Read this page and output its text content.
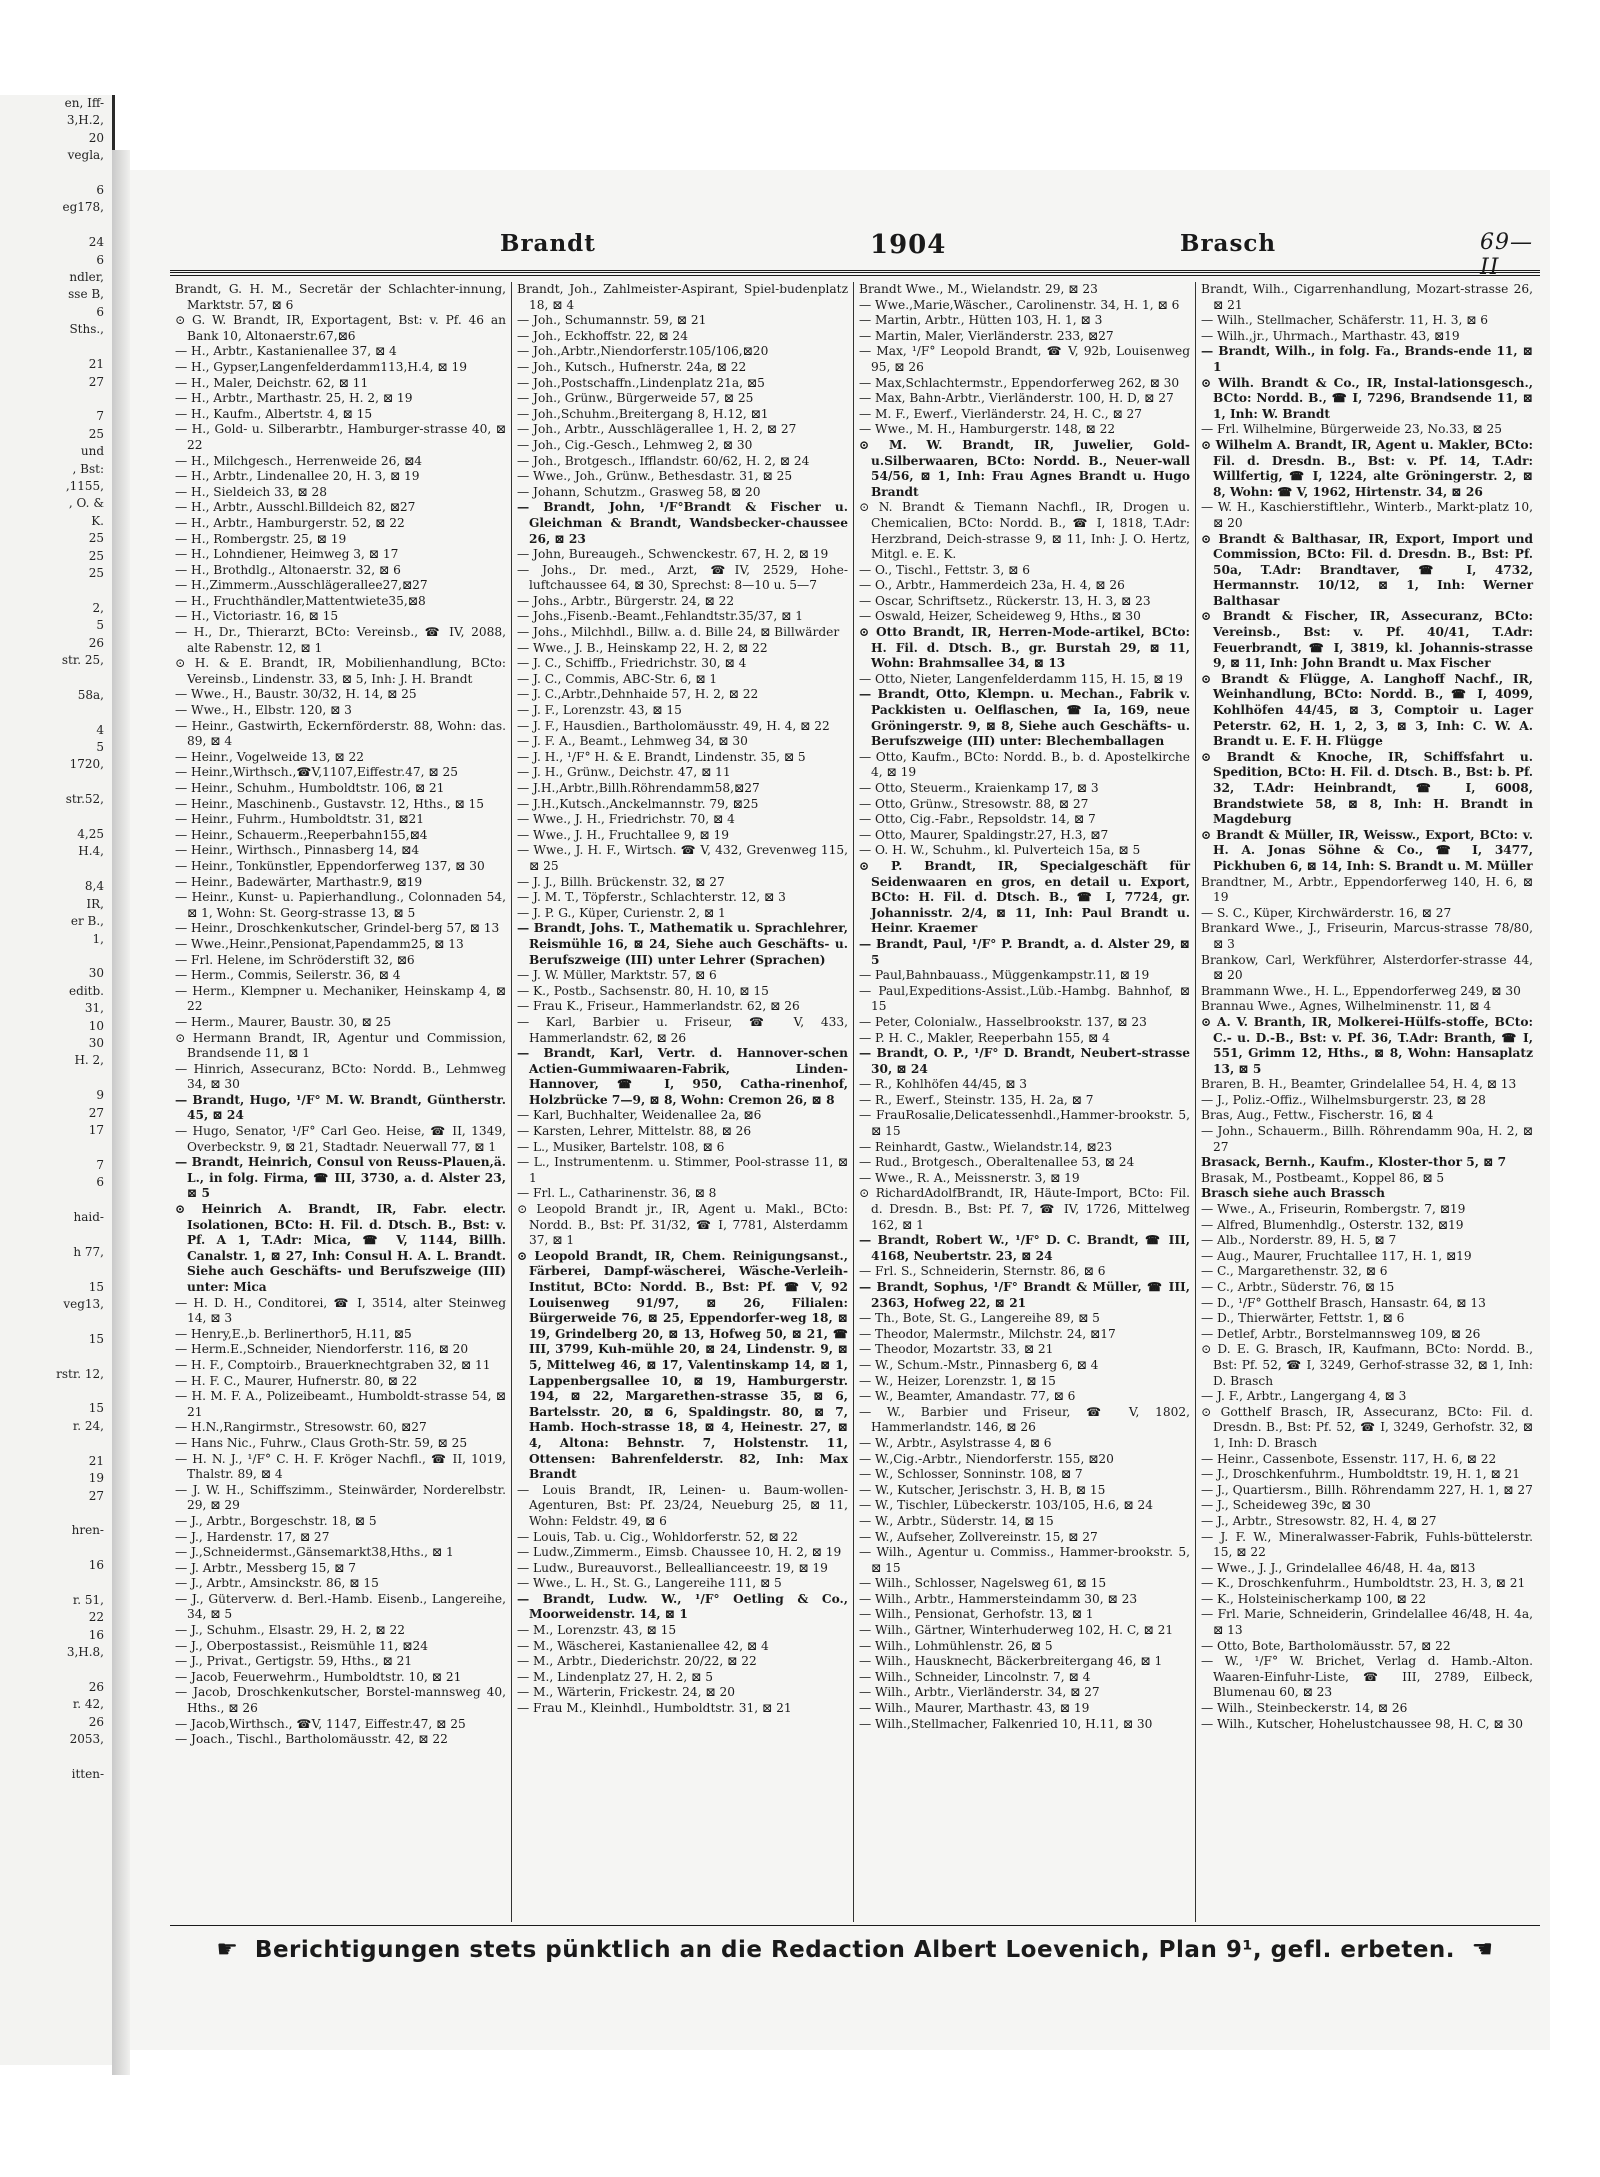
en, Iff-
3,H.2,
20
vegla,

6
eg178,

24
6
ndler,
sse B,
6
Sths.,

21
27

7
25
und
, Bst:
,1155,
, O. &
K.
25
25
25

2,
5
26
str. 25,

58a,

4
5
1720,

str.52,

4,25
H.4,

8,4
IR,
er B.,
1,

30
editb.
31,
10
30
H. 2,

9
27
17

7
6

haid-

h 77,

15
veg13,

15

rstr. 12,

15
r. 24,

21
19
27

hren-

16

r. 51,
22
16
3,H.8,

26
r. 42,
26
2053,

itten-

Brandt	1904	Brasch	69—II

Brandt, G. H. M., Secretär der Schlachter-innung, Marktstr. 57, ⊠ 6

⊙ G. W. Brandt, IR, Exportagent, Bst: v. Pf. 46 an Bank 10, Altonaerstr.67,⊠6

— H., Arbtr., Kastanienallee 37, ⊠ 4

— H., Gypser,Langenfelderdamm113,H.4, ⊠ 19

— H., Maler, Deichstr. 62, ⊠ 11

— H., Arbtr., Marthastr. 25, H. 2, ⊠ 19

— H., Kaufm., Albertstr. 4, ⊠ 15

— H., Gold- u. Silberarbtr., Hamburger-strasse 40, ⊠ 22

— H., Milchgesch., Herrenweide 26, ⊠4

— H., Arbtr., Lindenallee 20, H. 3, ⊠ 19

— H., Sieldeich 33, ⊠ 28

— H., Arbtr., Ausschl.Billdeich 82, ⊠27

— H., Arbtr., Hamburgerstr. 52, ⊠ 22

— H., Rombergstr. 25, ⊠ 19

— H., Lohndiener, Heimweg 3, ⊠ 17

— H., Brothdlg., Altonaerstr. 32, ⊠ 6

— H.,Zimmerm.,Ausschlägerallee27,⊠27

— H., Fruchthändler,Mattentwiete35,⊠8

— H., Victoriastr. 16, ⊠ 15

— H., Dr., Thierarzt, BCto: Vereinsb., ☎ IV, 2088, alte Rabenstr. 12, ⊠ 1

⊙ H. & E. Brandt, IR, Mobilienhandlung, BCto: Vereinsb., Lindenstr. 33, ⊠ 5, Inh: J. H. Brandt

— Wwe., H., Baustr. 30/32, H. 14, ⊠ 25

— Wwe., H., Elbstr. 120, ⊠ 3

— Heinr., Gastwirth, Eckernförderstr. 88, Wohn: das. 89, ⊠ 4

— Heinr., Vogelweide 13, ⊠ 22

— Heinr.,Wirthsch.,☎V,1107,Eiffestr.47, ⊠ 25

— Heinr., Schuhm., Humboldtstr. 106, ⊠ 21

— Heinr., Maschinenb., Gustavstr. 12, Hths., ⊠ 15

— Heinr., Fuhrm., Humboldtstr. 31, ⊠21

— Heinr., Schauerm.,Reeperbahn155,⊠4

— Heinr., Wirthsch., Pinnasberg 14, ⊠4

— Heinr., Tonkünstler, Eppendorferweg 137, ⊠ 30

— Heinr., Badewärter, Marthastr.9, ⊠19

— Heinr., Kunst- u. Papierhandlung., Colonnaden 54, ⊠ 1, Wohn: St. Georg-strasse 13, ⊠ 5

— Heinr., Droschkenkutscher, Grindel-berg 57, ⊠ 13

— Wwe.,Heinr.,Pensionat,Papendamm25, ⊠ 13

— Frl. Helene, im Schröderstift 32, ⊠6

— Herm., Commis, Seilerstr. 36, ⊠ 4

— Herm., Klempner u. Mechaniker, Heinskamp 4, ⊠ 22

— Herm., Maurer, Baustr. 30, ⊠ 25

⊙ Hermann Brandt, IR, Agentur und Commission, Brandsende 11, ⊠ 1

— Hinrich, Assecuranz, BCto: Nordd. B., Lehmweg 34, ⊠ 30

— Brandt, Hugo, ¹/F° M. W. Brandt, Güntherstr. 45, ⊠ 24

— Hugo, Senator, ¹/F° Carl Geo. Heise, ☎ II, 1349, Overbeckstr. 9, ⊠ 21, Stadtadr. Neuerwall 77, ⊠ 1

— Brandt, Heinrich, Consul von Reuss-Plauen,ä. L., in folg. Firma, ☎ III, 3730, a. d. Alster 23, ⊠ 5

⊙ Heinrich A. Brandt, IR, Fabr. electr. Isolationen, BCto: H. Fil. d. Dtsch. B., Bst: v. Pf. A 1, T.Adr: Mica, ☎ V, 1144, Billh. Canalstr. 1, ⊠ 27, Inh: Consul H. A. L. Brandt. Siehe auch Geschäfts- und Berufszweige (III) unter: Mica

— H. D. H., Conditorei, ☎ I, 3514, alter Steinweg 14, ⊠ 3

— Henry,E.,b. Berlinerthor5, H.11, ⊠5

— Herm.E.,Schneider, Niendorferstr. 116, ⊠ 20

— H. F., Comptoirb., Brauerknechtgraben 32, ⊠ 11

— H. F. C., Maurer, Hufnerstr. 80, ⊠ 22

— H. M. F. A., Polizeibeamt., Humboldt-strasse 54, ⊠ 21

— H.N.,Rangirmstr., Stresowstr. 60, ⊠27

— Hans Nic., Fuhrw., Claus Groth-Str. 59, ⊠ 25

— H. N. J., ¹/F° C. H. F. Kröger Nachfl., ☎ II, 1019, Thalstr. 89, ⊠ 4

— J. W. H., Schiffszimm., Steinwärder, Norderelbstr. 29, ⊠ 29

— J., Arbtr., Borgeschstr. 18, ⊠ 5

— J., Hardenstr. 17, ⊠ 27

— J.,Schneidermst.,Gänsemarkt38,Hths., ⊠ 1

— J. Arbtr., Messberg 15, ⊠ 7

— J., Arbtr., Amsinckstr. 86, ⊠ 15

— J., Güterverw. d. Berl.-Hamb. Eisenb., Langereihe, 34, ⊠ 5

— J., Schuhm., Elsastr. 29, H. 2, ⊠ 22

— J., Oberpostassist., Reismühle 11, ⊠24

— J., Privat., Gertigstr. 59, Hths., ⊠ 21

— Jacob, Feuerwehrm., Humboldtstr. 10, ⊠ 21

— Jacob, Droschkenkutscher, Borstel-mannsweg 40, Hths., ⊠ 26

— Jacob,Wirthsch., ☎V, 1147, Eiffestr.47, ⊠ 25

— Joach., Tischl., Bartholomäusstr. 42, ⊠ 22

Brandt, Joh., Zahlmeister-Aspirant, Spiel-budenplatz 18, ⊠ 4

— Joh., Schumannstr. 59, ⊠ 21

— Joh., Eckhoffstr. 22, ⊠ 24

— Joh.,Arbtr.,Niendorferstr.105/106,⊠20

— Joh., Kutsch., Hufnerstr. 24a, ⊠ 22

— Joh.,Postschaffn.,Lindenplatz 21a, ⊠5

— Joh., Grünw., Bürgerweide 57, ⊠ 25

— Joh.,Schuhm.,Breitergang 8, H.12, ⊠1

— Joh., Arbtr., Ausschlägerallee 1, H. 2, ⊠ 27

— Joh., Cig.-Gesch., Lehmweg 2, ⊠ 30

— Joh., Brotgesch., Ifflandstr. 60/62, H. 2, ⊠ 24

— Wwe., Joh., Grünw., Bethesdastr. 31, ⊠ 25

— Johann, Schutzm., Grasweg 58, ⊠ 20

— Brandt, John, ¹/F°Brandt & Fischer u. Gleichman & Brandt, Wandsbecker-chaussee 26, ⊠ 23

— John, Bureaugeh., Schwenckestr. 67, H. 2, ⊠ 19

— Johs., Dr. med., Arzt, ☎IV, 2529, Hohe-luftchaussee 64, ⊠ 30, Sprechst: 8—10 u. 5—7

— Johs., Arbtr., Bürgerstr. 24, ⊠ 22

— Johs.,Fisenb.-Beamt.,Fehlandtstr.35/37, ⊠ 1

— Johs., Milchhdl., Billw. a. d. Bille 24, ⊠ Billwärder

— Wwe., J. B., Heinskamp 22, H. 2, ⊠ 22

— J. C., Schiffb., Friedrichstr. 30, ⊠ 4

— J. C., Commis, ABC-Str. 6, ⊠ 1

— J. C.,Arbtr.,Dehnhaide 57, H. 2, ⊠ 22

— J. F., Lorenzstr. 43, ⊠ 15

— J. F., Hausdien., Bartholomäusstr. 49, H. 4, ⊠ 22

— J. F. A., Beamt., Lehmweg 34, ⊠ 30

— J. H., ¹/F° H. & E. Brandt, Lindenstr. 35, ⊠ 5

— J. H., Grünw., Deichstr. 47, ⊠ 11

— J.H.,Arbtr.,Billh.Röhrendamm58,⊠27

— J.H.,Kutsch.,Anckelmannstr. 79, ⊠25

— Wwe., J. H., Friedrichstr. 70, ⊠ 4

— Wwe., J. H., Fruchtallee 9, ⊠ 19

— Wwe., J. H. F., Wirtsch. ☎ V, 432, Grevenweg 115, ⊠ 25

— J. J., Billh. Brückenstr. 32, ⊠ 27

— J. M. T., Töpferstr., Schlachterstr. 12, ⊠ 3

— J. P. G., Küper, Curienstr. 2, ⊠ 1

— Brandt, Johs. T., Mathematik u. Sprachlehrer, Reismühle 16, ⊠ 24, Siehe auch Geschäfts- u. Berufszweige (III) unter Lehrer (Sprachen)

— J. W. Müller, Marktstr. 57, ⊠ 6

— K., Postb., Sachsenstr. 80, H. 10, ⊠ 15

— Frau K., Friseur., Hammerlandstr. 62, ⊠ 26

— Karl, Barbier u. Friseur, ☎ V, 433, Hammerlandstr. 62, ⊠ 26

— Brandt, Karl, Vertr. d. Hannover-schen Actien-Gummiwaaren-Fabrik, Linden-Hannover, ☎ I, 950, Catha-rinenhof, Holzbrücke 7—9, ⊠ 8, Wohn: Cremon 26, ⊠ 8

— Karl, Buchhalter, Weidenallee 2a, ⊠6

— Karsten, Lehrer, Mittelstr. 88, ⊠ 26

— L., Musiker, Bartelstr. 108, ⊠ 6

— L., Instrumentenm. u. Stimmer, Pool-strasse 11, ⊠ 1

— Frl. L., Catharinenstr. 36, ⊠ 8

⊙ Leopold Brandt jr., IR, Agent u. Makl., BCto: Nordd. B., Bst: Pf. 31/32, ☎ I, 7781, Alsterdamm 37, ⊠ 1

⊙ Leopold Brandt, IR, Chem. Reinigungsanst., Färberei, Dampf-wäscherei, Wäsche-Verleih-Institut, BCto: Nordd. B., Bst: Pf. ☎ V, 92 Louisenweg 91/97, ⊠ 26, Filialen: Bürgerweide 76, ⊠ 25, Eppendorfer-weg 18, ⊠ 19, Grindelberg 20, ⊠ 13, Hofweg 50, ⊠ 21, ☎ III, 3799, Kuh-mühle 20, ⊠ 24, Lindenstr. 9, ⊠ 5, Mittelweg 46, ⊠ 17, Valentinskamp 14, ⊠ 1, Lappenbergsallee 10, ⊠ 19, Hamburgerstr. 194, ⊠ 22, Margarethen-strasse 35, ⊠ 6, Bartelsstr. 20, ⊠ 6, Spaldingstr. 80, ⊠ 7, Hamb. Hoch-strasse 18, ⊠ 4, Heinestr. 27, ⊠ 4, Altona: Behnstr. 7, Holstenstr. 11, Ottensen: Bahrenfelderstr. 82, Inh: Max Brandt

— Louis Brandt, IR, Leinen- u. Baum-wollen-Agenturen, Bst: Pf. 23/24, Neueburg 25, ⊠ 11, Wohn: Feldstr. 49, ⊠ 6

— Louis, Tab. u. Cig., Wohldorferstr. 52, ⊠ 22

— Ludw.,Zimmerm., Eimsb. Chaussee 10, H. 2, ⊠ 19

— Ludw., Bureauvorst., Belleallianceestr. 19, ⊠ 19

— Wwe., L. H., St. G., Langereihe 111, ⊠ 5

— Brandt, Ludw. W., ¹/F° Oetling & Co., Moorweidenstr. 14, ⊠ 1

— M., Lorenzstr. 43, ⊠ 15

— M., Wäscherei, Kastanienallee 42, ⊠ 4

— M., Arbtr., Diederichstr. 20/22, ⊠ 22

— M., Lindenplatz 27, H. 2, ⊠ 5

— M., Wärterin, Frickestr. 24, ⊠ 20

— Frau M., Kleinhdl., Humboldtstr. 31, ⊠ 21

Brandt Wwe., M., Wielandstr. 29, ⊠ 23

— Wwe.,Marie,Wäscher., Carolinenstr. 34, H. 1, ⊠ 6

— Martin, Arbtr., Hütten 103, H. 1, ⊠ 3

— Martin, Maler, Vierländerstr. 233, ⊠27

— Max, ¹/F° Leopold Brandt, ☎ V, 92b, Louisenweg 95, ⊠ 26

— Max,Schlachtermstr., Eppendorferweg 262, ⊠ 30

— Max, Bahn-Arbtr., Vierländerstr. 100, H. D, ⊠ 27

— M. F., Ewerf., Vierländerstr. 24, H. C., ⊠ 27

— Wwe., M. H., Hamburgerstr. 148, ⊠ 22

⊙ M. W. Brandt, IR, Juwelier, Gold-u.Silberwaaren, BCto: Nordd. B., Neuer-wall 54/56, ⊠ 1, Inh: Frau Agnes Brandt u. Hugo Brandt

⊙ N. Brandt & Tiemann Nachfl., IR, Drogen u. Chemicalien, BCto: Nordd. B., ☎ I, 1818, T.Adr: Herzbrand, Deich-strasse 9, ⊠ 11, Inh: J. O. Hertz, Mitgl. e. E. K.

— O., Tischl., Fettstr. 3, ⊠ 6

— O., Arbtr., Hammerdeich 23a, H. 4, ⊠ 26

— Oscar, Schriftsetz., Rückerstr. 13, H. 3, ⊠ 23

— Oswald, Heizer, Scheideweg 9, Hths., ⊠ 30

⊙ Otto Brandt, IR, Herren-Mode-artikel, BCto: H. Fil. d. Dtsch. B., gr. Burstah 29, ⊠ 11, Wohn: Brahmsallee 34, ⊠ 13

— Otto, Nieter, Langenfelderdamm 115, H. 15, ⊠ 19

— Brandt, Otto, Klempn. u. Mechan., Fabrik v. Packkisten u. Oelflaschen, ☎ Ia, 169, neue Gröningerstr. 9, ⊠ 8, Siehe auch Geschäfts- u. Berufszweige (III) unter: Blechemballagen

— Otto, Kaufm., BCto: Nordd. B., b. d. Apostelkirche 4, ⊠ 19

— Otto, Steuerm., Kraienkamp 17, ⊠ 3

— Otto, Grünw., Stresowstr. 88, ⊠ 27

— Otto, Cig.-Fabr., Repsoldstr. 14, ⊠ 7

— Otto, Maurer, Spaldingstr.27, H.3, ⊠7

— O. H. W., Schuhm., kl. Pulverteich 15a, ⊠ 5

⊙ P. Brandt, IR, Specialgeschäft für Seidenwaaren en gros, en detail u. Export, BCto: H. Fil. d. Dtsch. B., ☎ I, 7724, gr. Johannisstr. 2/4, ⊠ 11, Inh: Paul Brandt u. Heinr. Kraemer

— Brandt, Paul, ¹/F° P. Brandt, a. d. Alster 29, ⊠ 5

— Paul,Bahnbauass., Müggenkampstr.11, ⊠ 19

— Paul,Expeditions-Assist.,Lüb.-Hambg. Bahnhof, ⊠ 15

— Peter, Colonialw., Hasselbrookstr. 137, ⊠ 23

— P. H. C., Makler, Reeperbahn 155, ⊠ 4

— Brandt, O. P., ¹/F° D. Brandt, Neubert-strasse 30, ⊠ 24

— R., Kohlhöfen 44/45, ⊠ 3

— R., Ewerf., Steinstr. 135, H. 2a, ⊠ 7

— FrauRosalie,Delicatessenhdl.,Hammer-brookstr. 5, ⊠ 15

— Reinhardt, Gastw., Wielandstr.14, ⊠23

— Rud., Brotgesch., Oberaltenallee 53, ⊠ 24

— Wwe., R. A., Meissnerstr. 3, ⊠ 19

⊙ RichardAdolfBrandt, IR, Häute-Import, BCto: Fil. d. Dresdn. B., Bst: Pf. 7, ☎ IV, 1726, Mittelweg 162, ⊠ 1

— Brandt, Robert W., ¹/F° D. C. Brandt, ☎ III, 4168, Neubertstr. 23, ⊠ 24

— Frl. S., Schneiderin, Sternstr. 86, ⊠ 6

— Brandt, Sophus, ¹/F° Brandt & Müller, ☎ III, 2363, Hofweg 22, ⊠ 21

— Th., Bote, St. G., Langereihe 89, ⊠ 5

— Theodor, Malermstr., Milchstr. 24, ⊠17

— Theodor, Mozartstr. 33, ⊠ 21

— W., Schum.-Mstr., Pinnasberg 6, ⊠ 4

— W., Heizer, Lorenzstr. 1, ⊠ 15

— W., Beamter, Amandastr. 77, ⊠ 6

— W., Barbier und Friseur, ☎ V, 1802, Hammerlandstr. 146, ⊠ 26

— W., Arbtr., Asylstrasse 4, ⊠ 6

— W.,Cig.-Arbtr., Niendorferstr. 155, ⊠20

— W., Schlosser, Sonninstr. 108, ⊠ 7

— W., Kutscher, Jerischstr. 3, H. B, ⊠ 15

— W., Tischler, Lübeckerstr. 103/105, H.6, ⊠ 24

— W., Arbtr., Süderstr. 14, ⊠ 15

— W., Aufseher, Zollvereinstr. 15, ⊠ 27

— Wilh., Agentur u. Commiss., Hammer-brookstr. 5, ⊠ 15

— Wilh., Schlosser, Nagelsweg 61, ⊠ 15

— Wilh., Arbtr., Hammersteindamm 30, ⊠ 23

— Wilh., Pensionat, Gerhofstr. 13, ⊠ 1

— Wilh., Gärtner, Winterhuderweg 102, H. C, ⊠ 21

— Wilh., Lohmühlenstr. 26, ⊠ 5

— Wilh., Hausknecht, Bäckerbreitergang 46, ⊠ 1

— Wilh., Schneider, Lincolnstr. 7, ⊠ 4

— Wilh., Arbtr., Vierländerstr. 34, ⊠ 27

— Wilh., Maurer, Marthastr. 43, ⊠ 19

— Wilh.,Stellmacher, Falkenried 10, H.11, ⊠ 30

Brandt, Wilh., Cigarrenhandlung, Mozart-strasse 26, ⊠ 21

— Wilh., Stellmacher, Schäferstr. 11, H. 3, ⊠ 6

— Wilh.,jr., Uhrmach., Marthastr. 43, ⊠19

— Brandt, Wilh., in folg. Fa., Brands-ende 11, ⊠ 1

⊙ Wilh. Brandt & Co., IR, Instal-lationsgesch., BCto: Nordd. B., ☎ I, 7296, Brandsende 11, ⊠ 1, Inh: W. Brandt

— Frl. Wilhelmine, Bürgerweide 23, No.33, ⊠ 25

⊙ Wilhelm A. Brandt, IR, Agent u. Makler, BCto: Fil. d. Dresdn. B., Bst: v. Pf. 14, T.Adr: Willfertig, ☎ I, 1224, alte Gröningerstr. 2, ⊠ 8, Wohn: ☎ V, 1962, Hirtenstr. 34, ⊠ 26

— W. H., Kaschierstiftlehr., Winterb., Markt-platz 10, ⊠ 20

⊙ Brandt & Balthasar, IR, Export, Import und Commission, BCto: Fil. d. Dresdn. B., Bst: Pf. 50a, T.Adr: Brandtaver, ☎ I, 4732, Hermannstr. 10/12, ⊠ 1, Inh: Werner Balthasar

⊙ Brandt & Fischer, IR, Assecuranz, BCto: Vereinsb., Bst: v. Pf. 40/41, T.Adr: Feuerbrandt, ☎ I, 3819, kl. Johannis-strasse 9, ⊠ 11, Inh: John Brandt u. Max Fischer

⊙ Brandt & Flügge, A. Langhoff Nachf., IR, Weinhandlung, BCto: Nordd. B., ☎ I, 4099, Kohlhöfen 44/45, ⊠ 3, Comptoir u. Lager Peterstr. 62, H. 1, 2, 3, ⊠ 3, Inh: C. W. A. Brandt u. E. F. H. Flügge

⊙ Brandt & Knoche, IR, Schiffsfahrt u. Spedition, BCto: H. Fil. d. Dtsch. B., Bst: b. Pf. 32, T.Adr: Heinbrandt, ☎ I, 6008, Brandstwiete 58, ⊠ 8, Inh: H. Brandt in Magdeburg

⊙ Brandt & Müller, IR, Weissw., Export, BCto: v. H. A. Jonas Söhne & Co., ☎ I, 3477, Pickhuben 6, ⊠ 14, Inh: S. Brandt u. M. Müller

Brandtner, M., Arbtr., Eppendorferweg 140, H. 6, ⊠ 19

— S. C., Küper, Kirchwärderstr. 16, ⊠ 27

Brankard Wwe., J., Friseurin, Marcus-strasse 78/80, ⊠ 3

Brankow, Carl, Werkführer, Alsterdorfer-strasse 44, ⊠ 20

Brammann Wwe., H. L., Eppendorferweg 249, ⊠ 30

Brannau Wwe., Agnes, Wilhelminenstr. 11, ⊠ 4

⊙ A. V. Branth, IR, Molkerei-Hülfs-stoffe, BCto: C.- u. D.-B., Bst: v. Pf. 36, T.Adr: Branth, ☎ I, 551, Grimm 12, Hths., ⊠ 8, Wohn: Hansaplatz 13, ⊠ 5

Braren, B. H., Beamter, Grindelallee 54, H. 4, ⊠ 13

— J., Poliz.-Offiz., Wilhelmsburgerstr. 23, ⊠ 28

Bras, Aug., Fettw., Fischerstr. 16, ⊠ 4

— John., Schauerm., Billh. Röhrendamm 90a, H. 2, ⊠ 27

Brasack, Bernh., Kaufm., Kloster-thor 5, ⊠ 7

Brasak, M., Postbeamt., Koppel 86, ⊠ 5

Brasch siehe auch Brassch

— Wwe., A., Friseurin, Rombergstr. 7, ⊠19

— Alfred, Blumenhdlg., Osterstr. 132, ⊠19

— Alb., Norderstr. 89, H. 5, ⊠ 7

— Aug., Maurer, Fruchtallee 117, H. 1, ⊠19

— C., Margarethenstr. 32, ⊠ 6

— C., Arbtr., Süderstr. 76, ⊠ 15

— D., ¹/F° Gotthelf Brasch, Hansastr. 64, ⊠ 13

— D., Thierwärter, Fettstr. 1, ⊠ 6

— Detlef, Arbtr., Borstelmannsweg 109, ⊠ 26

⊙ D. E. G. Brasch, IR, Kaufmann, BCto: Nordd. B., Bst: Pf. 52, ☎ I, 3249, Gerhof-strasse 32, ⊠ 1, Inh: D. Brasch

— J. F., Arbtr., Langergang 4, ⊠ 3

⊙ Gotthelf Brasch, IR, Assecuranz, BCto: Fil. d. Dresdn. B., Bst: Pf. 52, ☎ I, 3249, Gerhofstr. 32, ⊠ 1, Inh: D. Brasch

— Heinr., Cassenbote, Essenstr. 117, H. 6, ⊠ 22

— J., Droschkenfuhrm., Humboldtstr. 19, H. 1, ⊠ 21

— J., Quartiersm., Billh. Röhrendamm 227, H. 1, ⊠ 27

— J., Scheideweg 39c, ⊠ 30

— J., Arbtr., Stresowstr. 82, H. 4, ⊠ 27

— J. F. W., Mineralwasser-Fabrik, Fuhls-büttelerstr. 15, ⊠ 22

— Wwe., J. J., Grindelallee 46/48, H. 4a, ⊠13

— K., Droschkenfuhrm., Humboldtstr. 23, H. 3, ⊠ 21

— K., Holsteinischerkamp 100, ⊠ 22

— Frl. Marie, Schneiderin, Grindelallee 46/48, H. 4a, ⊠ 13

— Otto, Bote, Bartholomäusstr. 57, ⊠ 22

— W., ¹/F° W. Brichet, Verlag d. Hamb.-Alton. Waaren-Einfuhr-Liste, ☎ III, 2789, Eilbeck, Blumenau 60, ⊠ 23

— Wilh., Steinbeckerstr. 14, ⊠ 26

— Wilh., Kutscher, Hohelustchaussee 98, H. C, ⊠ 30

☛ Berichtigungen stets pünktlich an die Redaction Albert Loevenich, Plan 9¹, gefl. erbeten. ☚
